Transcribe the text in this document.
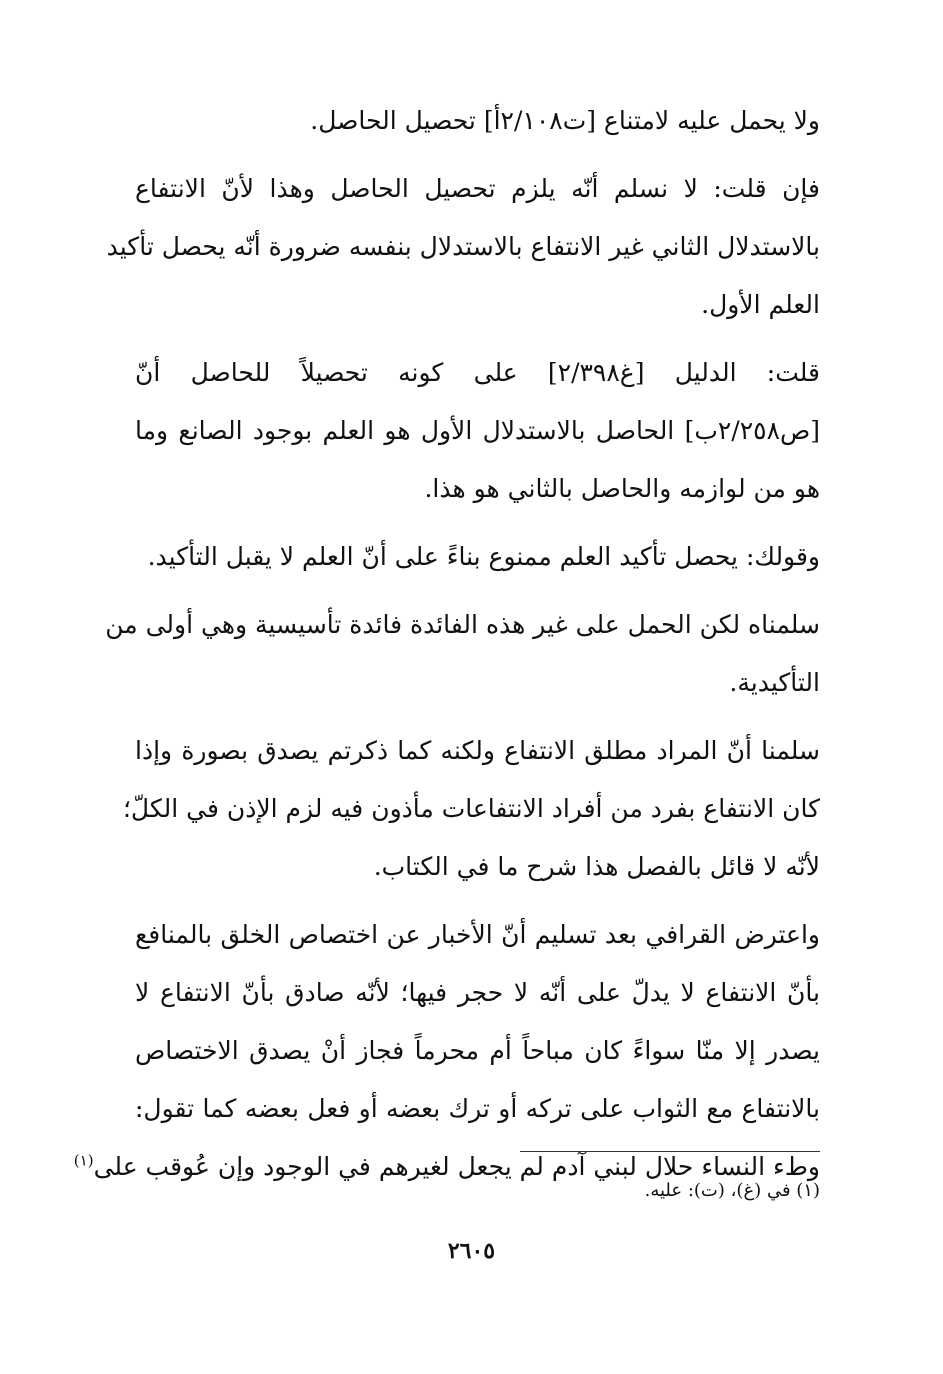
ولا يحمل عليه لامتناع [ت٢/١٠٨أ] تحصيل الحاصل.

فإن قلت: لا نسلم أنّه يلزم تحصيل الحاصل وهذا لأنّ الانتفاع
بالاستدلال الثاني غير الانتفاع بالاستدلال بنفسه ضرورة أنّه يحصل تأكيد
العلم الأول.

قلت: الدليل [غ٢/٣٩٨] على كونه تحصيلاً للحاصل أنّ
[ص٢/٢٥٨ب] الحاصل بالاستدلال الأول هو العلم بوجود الصانع وما
هو من لوازمه والحاصل بالثاني هو هذا.

وقولك: يحصل تأكيد العلم ممنوع بناءً على أنّ العلم لا يقبل التأكيد.

سلمناه لكن الحمل على غير هذه الفائدة فائدة تأسيسية وهي أولى من
التأكيدية.

سلمنا أنّ المراد مطلق الانتفاع ولكنه كما ذكرتم يصدق بصورة وإذا
كان الانتفاع بفرد من أفراد الانتفاعات مأذون فيه لزم الإذن في الكلّ؛
لأنّه لا قائل بالفصل هذا شرح ما في الكتاب.

واعترض القرافي بعد تسليم أنّ الأخبار عن اختصاص الخلق بالمنافع
بأنّ الانتفاع لا يدلّ على أنّه لا حجر فيها؛ لأنّه صادق بأنّ الانتفاع لا
يصدر إلا منّا سواءً كان مباحاً أم محرماً فجاز أنْ يصدق الاختصاص
بالانتفاع مع الثواب على تركه أو ترك بعضه أو فعل بعضه كما تقول:
وطء النساء حلال لبني آدم لم يجعل لغيرهم في الوجود وإن عُوقب على$^{(١)}$

(١) في (غ)، (ت): عليه.
٢٦٠٥
